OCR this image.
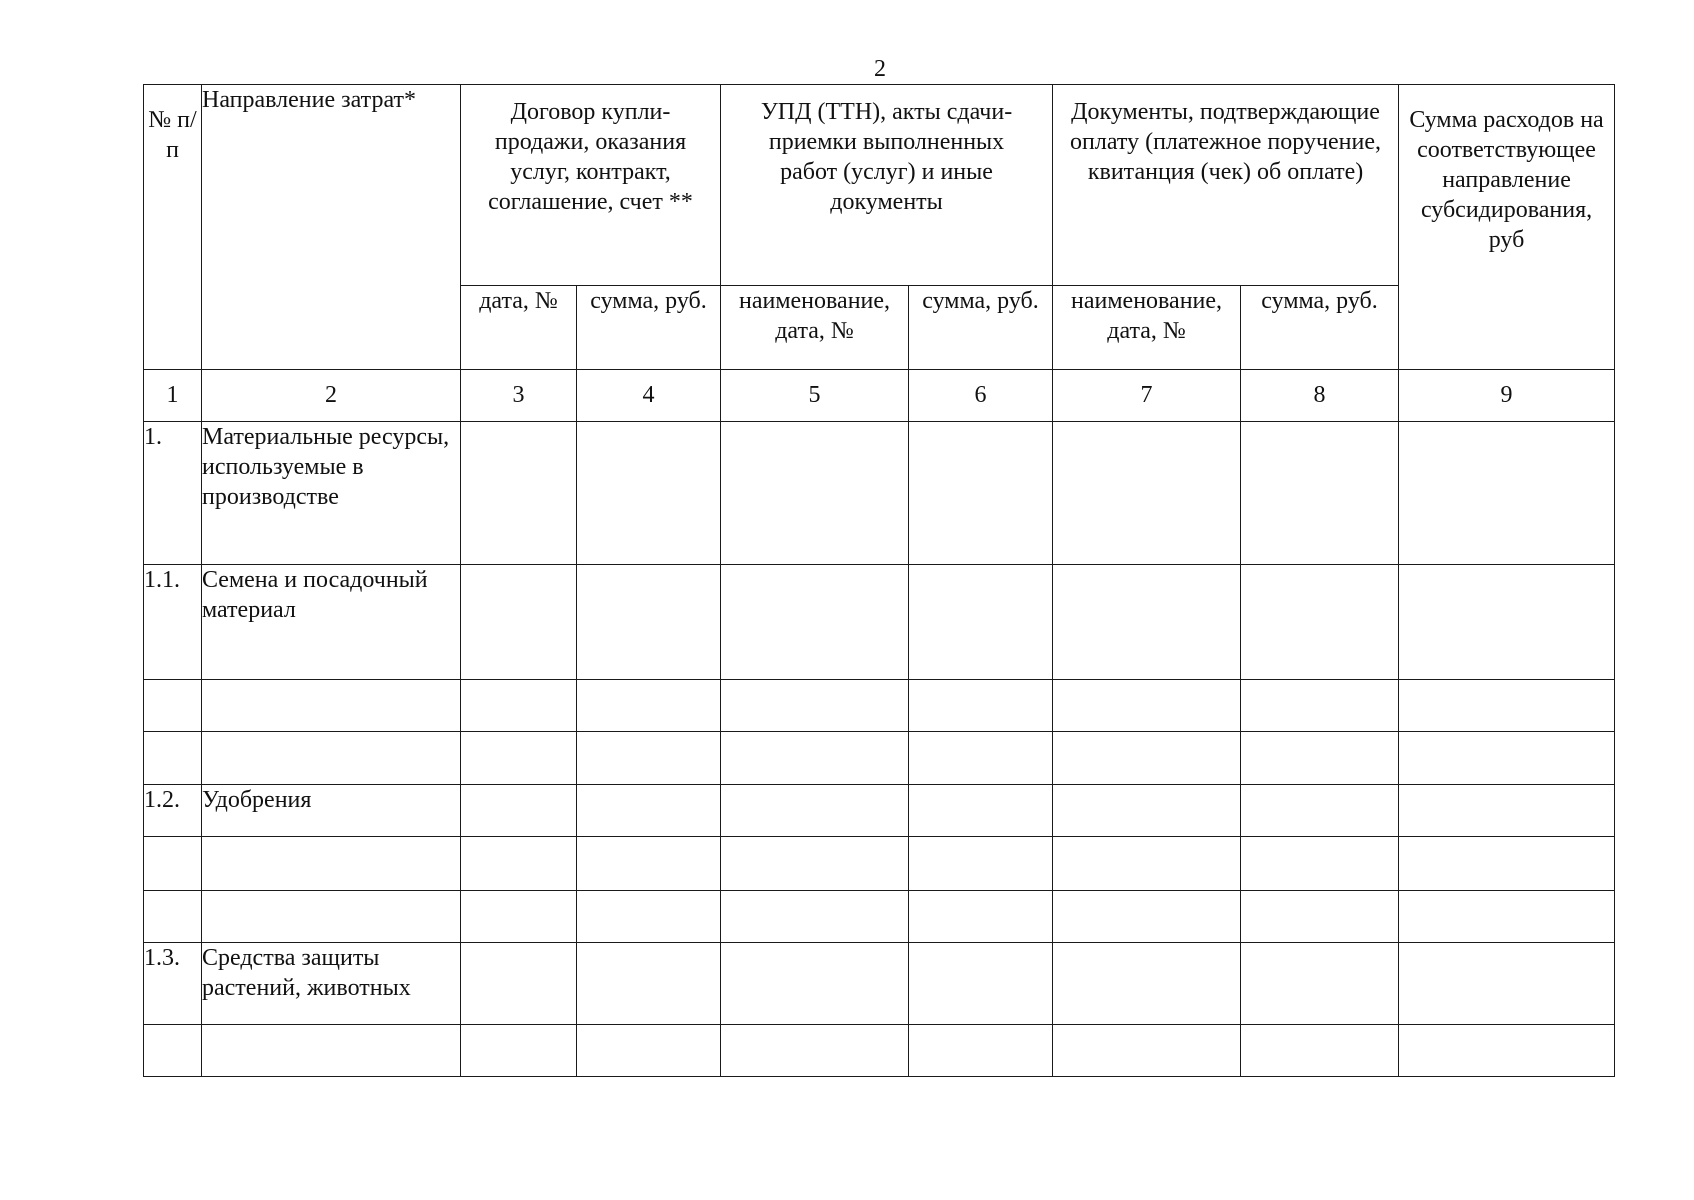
2
№ п/п	Направление затрат*	Договор купли-продажи, оказания услуг, контракт, соглашение, счет **		УПД (ТТН), акты сдачи-приемки выполненных работ (услуг) и иные документы		Документы, подтверждающие оплату (платежное поручение, квитанция (чек) об оплате)		Сумма расходов на соответствующее направление субсидирования, руб
		дата, №	сумма, руб.	наименование, дата, №	сумма, руб.	наименование, дата, №	сумма, руб.	
1	2	3	4	5	6	7	8	9
1.	Материальные ресурсы, используемые в производстве							
1.1.	Семена и посадочный материал							

1.2.	Удобрения							

1.3.	Средства защиты растений, животных							
